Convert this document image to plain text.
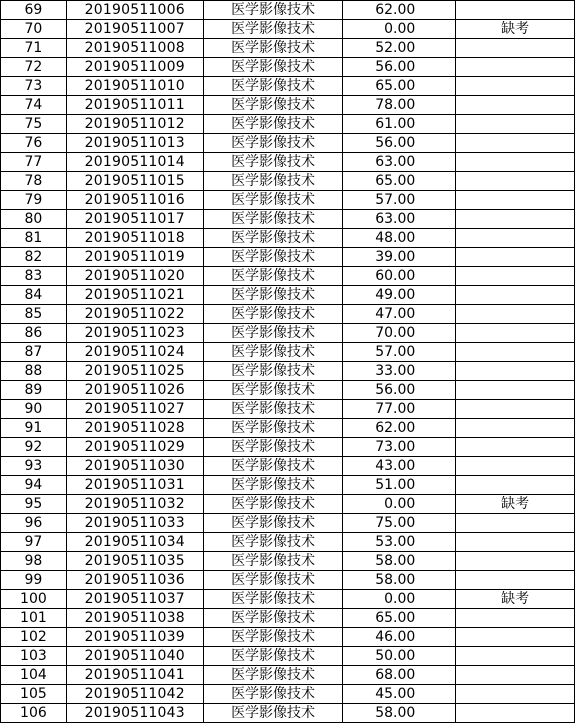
69	20190511006	医学影像技术	62.00	
70	20190511007	医学影像技术	0.00	缺考
71	20190511008	医学影像技术	52.00	
72	20190511009	医学影像技术	56.00	
73	20190511010	医学影像技术	65.00	
74	20190511011	医学影像技术	78.00	
75	20190511012	医学影像技术	61.00	
76	20190511013	医学影像技术	56.00	
77	20190511014	医学影像技术	63.00	
78	20190511015	医学影像技术	65.00	
79	20190511016	医学影像技术	57.00	
80	20190511017	医学影像技术	63.00	
81	20190511018	医学影像技术	48.00	
82	20190511019	医学影像技术	39.00	
83	20190511020	医学影像技术	60.00	
84	20190511021	医学影像技术	49.00	
85	20190511022	医学影像技术	47.00	
86	20190511023	医学影像技术	70.00	
87	20190511024	医学影像技术	57.00	
88	20190511025	医学影像技术	33.00	
89	20190511026	医学影像技术	56.00	
90	20190511027	医学影像技术	77.00	
91	20190511028	医学影像技术	62.00	
92	20190511029	医学影像技术	73.00	
93	20190511030	医学影像技术	43.00	
94	20190511031	医学影像技术	51.00	
95	20190511032	医学影像技术	0.00	缺考
96	20190511033	医学影像技术	75.00	
97	20190511034	医学影像技术	53.00	
98	20190511035	医学影像技术	58.00	
99	20190511036	医学影像技术	58.00	
100	20190511037	医学影像技术	0.00	缺考
101	20190511038	医学影像技术	65.00	
102	20190511039	医学影像技术	46.00	
103	20190511040	医学影像技术	50.00	
104	20190511041	医学影像技术	68.00	
105	20190511042	医学影像技术	45.00	
106	20190511043	医学影像技术	58.00	
